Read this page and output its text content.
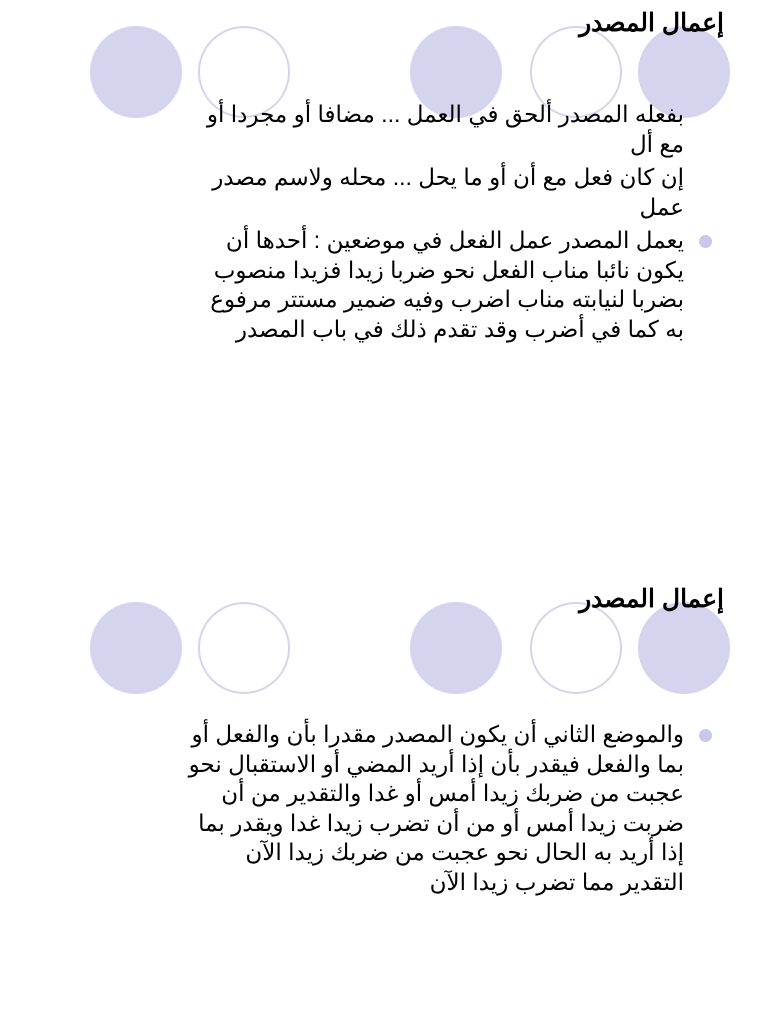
إعمال المصدر
بفعله المصدر ألحق في العمل ... مضافا أو مجردا أو
مع أل
إن كان فعل مع أن أو ما يحل ... محله ولاسم مصدر
عمل
يعمل المصدر عمل الفعل في موضعين : أحدها أن
يكون نائبا مناب الفعل نحو ضربا زيدا فزيدا منصوب
بضربا لنيابته مناب اضرب وفيه ضمير مستتر مرفوع
به كما في أضرب وقد تقدم ذلك في باب المصدر
إعمال المصدر
والموضع الثاني أن يكون المصدر مقدرا بأن والفعل أو
بما والفعل فيقدر بأن إذا أريد المضي أو الاستقبال نحو
عجبت من ضربك زيدا أمس أو غدا والتقدير من أن
ضربت زيدا أمس أو من أن تضرب زيدا غدا ويقدر بما
إذا أريد به الحال نحو عجبت من ضربك زيدا الآن
التقدير مما تضرب زيدا الآن
